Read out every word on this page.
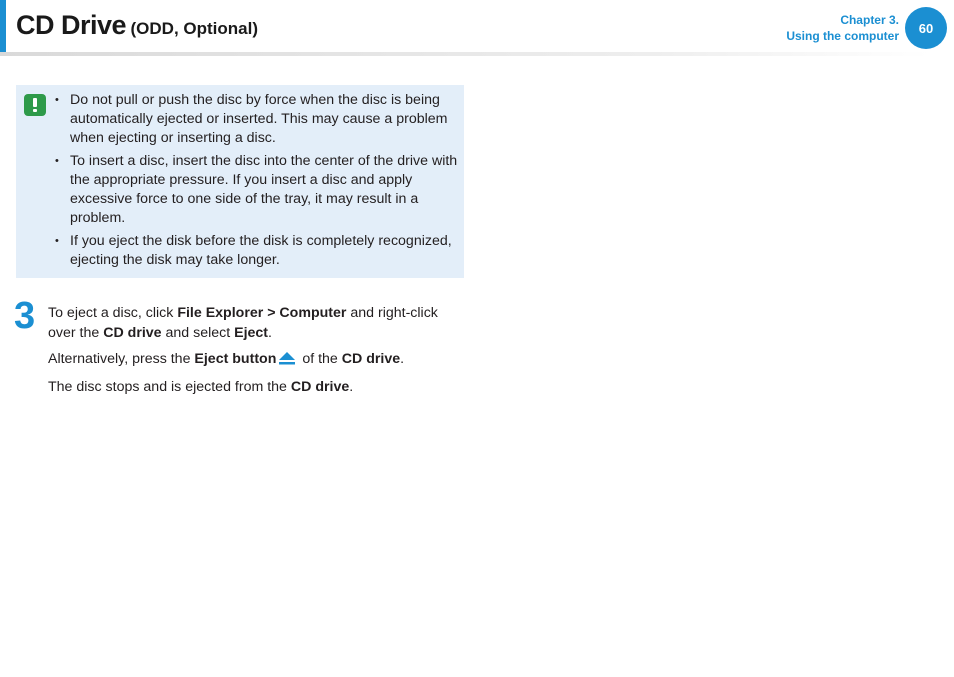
CD Drive (ODD, Optional)	Chapter 3.
Using the computer
60
• Do not pull or push the disc by force when the disc is being automatically ejected or inserted. This may cause a problem when ejecting or inserting a disc.
• To insert a disc, insert the disc into the center of the drive with the appropriate pressure. If you insert a disc and apply excessive force to one side of the tray, it may result in a problem.
• If you eject the disk before the disk is completely recognized, ejecting the disk may take longer.
3 To eject a disc, click File Explorer > Computer and right-click over the CD drive and select Eject.

Alternatively, press the Eject button of the CD drive.

The disc stops and is ejected from the CD drive.
